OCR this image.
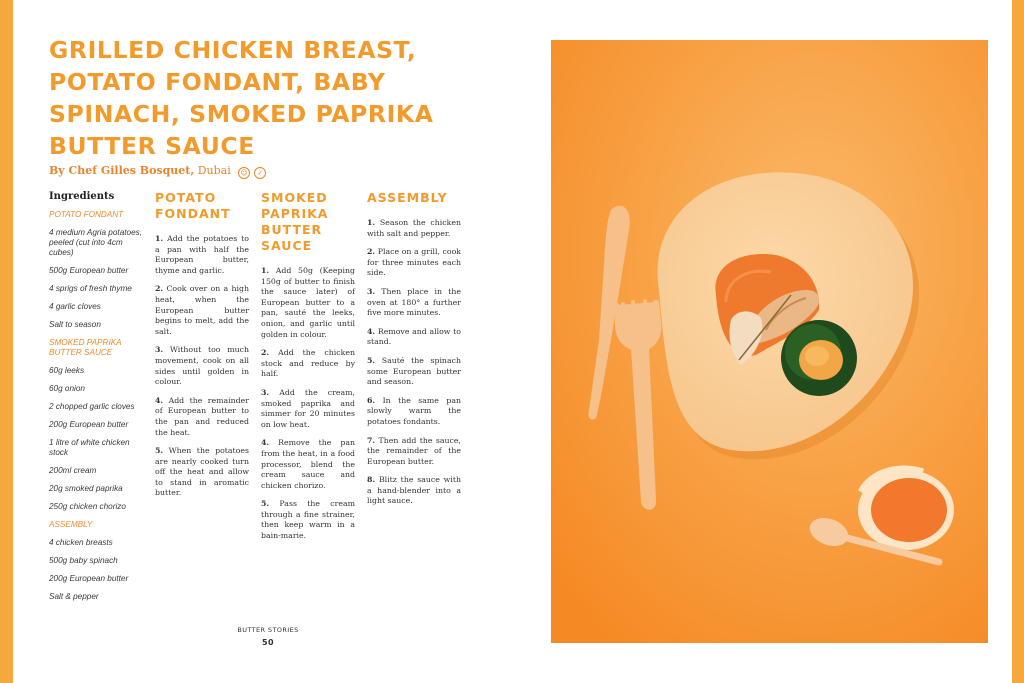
GRILLED CHICKEN BREAST, POTATO FONDANT, BABY SPINACH, SMOKED PAPRIKA BUTTER SAUCE
By Chef Gilles Bosquet, Dubai ☺ ✓
Ingredients
POTATO FONDANT
4 medium Agria potatoes, peeled (cut into 4cm cubes)
500g European butter
4 sprigs of fresh thyme
4 garlic cloves
Salt to season
SMOKED PAPRIKA BUTTER SAUCE
60g leeks
60g onion
2 chopped garlic cloves
200g European butter
1 litre of white chicken stock
200ml cream
20g smoked paprika
250g chicken chorizo
ASSEMBLY
4 chicken breasts
500g baby spinach
200g European butter
Salt & pepper
POTATO FONDANT

1. Add the potatoes to a pan with half the European butter, thyme and garlic.

2. Cook over on a high heat, when the European butter begins to melt, add the salt.

3. Without too much movement, cook on all sides until golden in colour.

4. Add the remainder of European butter to the pan and reduced the heat.

5. When the potatoes are nearly cooked turn off the heat and allow to stand in aromatic butter.

SMOKED PAPRIKA BUTTER SAUCE

1. Add 50g (Keeping 150g of butter to finish the sauce later) of European butter to a pan, sauté the leeks, onion, and garlic until golden in colour.

2. Add the chicken stock and reduce by half.

3. Add the cream, smoked paprika and simmer for 20 minutes on low heat.

4. Remove the pan from the heat, in a food processor, blend the cream sauce and chicken chorizo.

5. Pass the cream through a fine strainer, then keep warm in a bain-marie.

ASSEMBLY

1. Season the chicken with salt and pepper.

2. Place on a grill, cook for three minutes each side.

3. Then place in the oven at 180° a further five more minutes.

4. Remove and allow to stand.

5. Sauté the spinach some European butter and season.

6. In the same pan slowly warm the potatoes fondants.

7. Then add the sauce, the remainder of the European butter.

8. Blitz the sauce with a hand-blender into a light sauce.

BUTTER STORIES
50
